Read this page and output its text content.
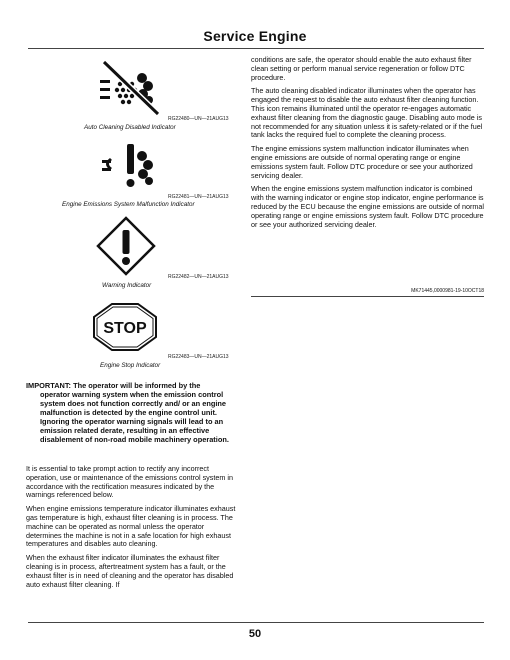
Service Engine
RG22480—UN—21AUG13
Auto Cleaning Disabled Indicator
RG22481—UN—21AUG13
Engine Emissions System Malfunction Indicator
RG22482—UN—21AUG13
Warning Indicator
STOP
RG22483—UN—21AUG13
Engine Stop Indicator
IMPORTANT: The operator will be informed by the
operator warning system when the emission control system does not function correctly and/ or an engine malfunction is detected by the engine control unit. Ignoring the operator warning signals will lead to an emission related derate, resulting in an effective disablement of non-road mobile machinery operation.

It is essential to take prompt action to rectify any incorrect operation, use or maintenance of the emissions control system in accordance with the rectification measures indicated by the warnings referenced below.

When engine emissions temperature indicator illuminates exhaust gas temperature is high, exhaust filter cleaning is in process. The machine can be operated as normal unless the operator determines the machine is not in a safe location for high exhaust temperatures and disables auto cleaning.

When the exhaust filter indicator illuminates the exhaust filter cleaning is in process, aftertreatment system has a fault, or the exhaust filter is in need of cleaning and the operator has disabled auto exhaust filter cleaning. If

conditions are safe, the operator should enable the auto exhaust filter clean setting or perform manual service regeneration or follow DTC procedure.

The auto cleaning disabled indicator illuminates when the operator has engaged the request to disable the auto exhaust filter cleaning function. This icon remains illuminated until the operator re-engages automatic exhaust filter cleaning from the diagnostic gauge. Disabling auto mode is not recommended for any situation unless it is safety-related or if the fuel tank lacks the required fuel to complete the cleaning process.

The engine emissions system malfunction indicator illuminates when engine emissions are outside of normal operating range or engine emissions system fault. Follow DTC procedure or see your authorized servicing dealer.

When the engine emissions system malfunction indicator is combined with the warning indicator or engine stop indicator, engine performance is reduced by the ECU because the engine emissions are outside of normal operating range or engine emissions system fault. Follow DTC procedure or see your authorized servicing dealer.

MK71445,0000981-19-10OCT18
50
